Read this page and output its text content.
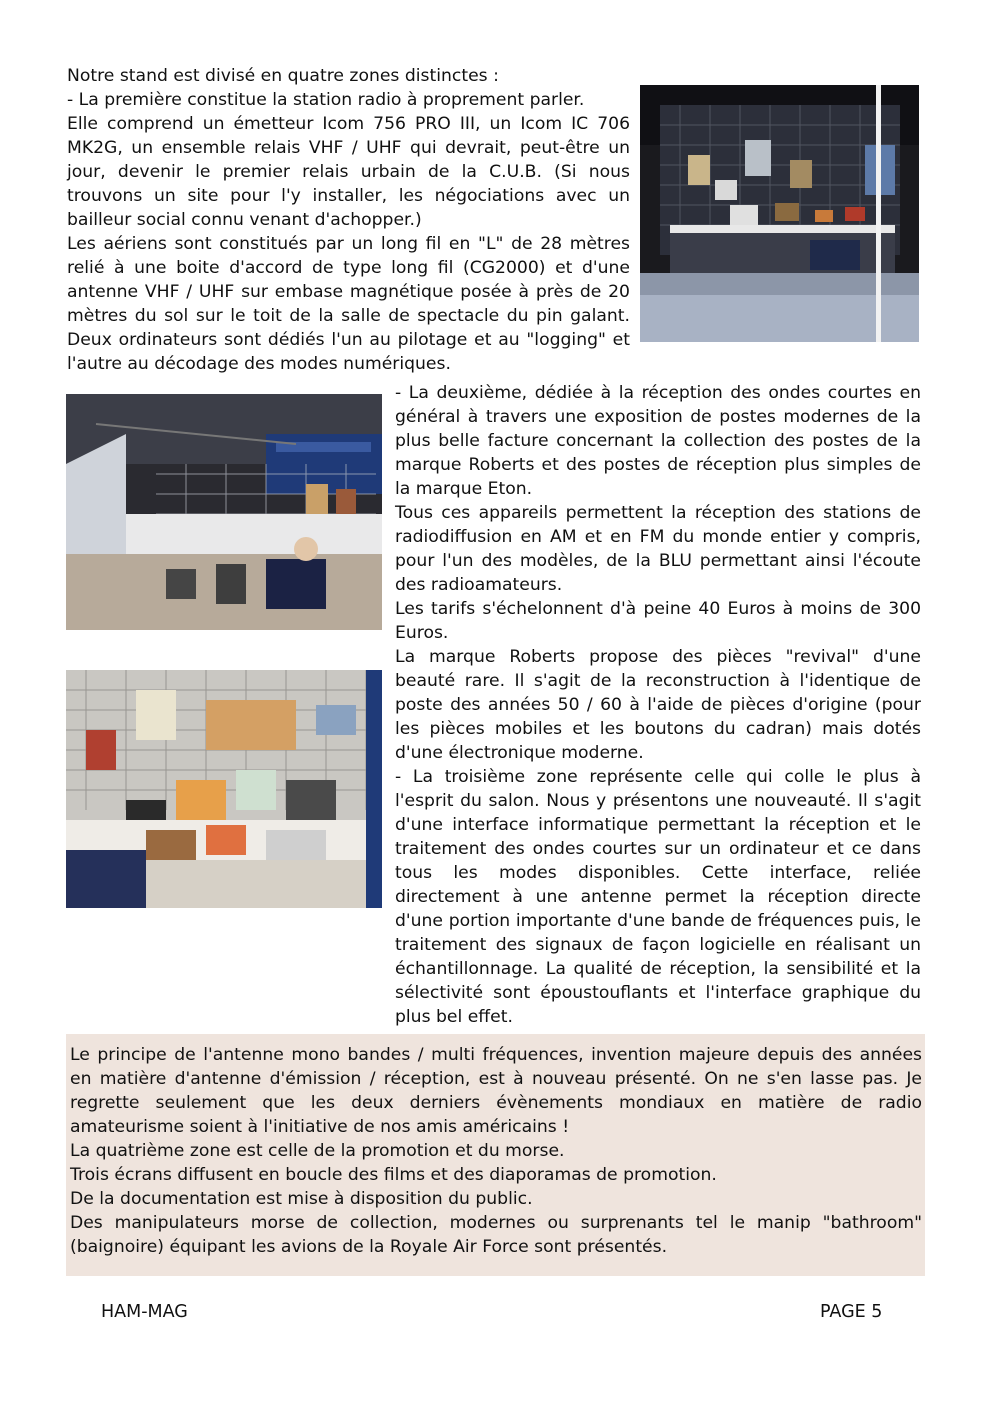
Notre stand est divisé en quatre zones distinctes :

- La première constitue la station radio à proprement parler.

Elle comprend un émetteur Icom 756 PRO III, un Icom IC 706 MK2G, un ensemble relais VHF / UHF qui devrait, peut-être un jour, devenir le premier relais urbain de la C.U.B. (Si nous trouvons un site pour l'y installer, les négociations avec un bailleur social connu venant d'achopper.)

Les aériens sont constitués par un long fil en "L" de 28 mètres relié à une boite d'accord de type long fil (CG2000) et d'une antenne VHF / UHF sur embase magnétique posée à près de 20 mètres du sol sur le toit de la salle de spectacle du pin galant. Deux ordinateurs sont dédiés l'un au pilotage et au "logging" et l'autre au décodage des modes numériques.

- La deuxième, dédiée à la réception des ondes courtes en général à travers une exposition de postes modernes de la plus belle facture concernant la collection des postes de la marque Roberts et des postes de réception plus simples de la marque Eton.

Tous ces appareils permettent la réception des stations de radiodiffusion en AM et en FM du monde entier y compris, pour l'un des modèles, de la BLU permettant ainsi l'écoute des radioamateurs.

Les tarifs s'échelonnent d'à peine 40 Euros à moins de 300 Euros.

La marque Roberts propose des pièces "revival" d'une beauté rare. Il s'agit de la reconstruction à l'identique de poste des années 50 / 60 à l'aide de pièces d'origine (pour les pièces mobiles et les boutons du cadran) mais dotés d'une électronique moderne.

- La troisième zone représente celle qui colle le plus à l'esprit du salon. Nous y présentons une nouveauté. Il s'agit d'une interface informatique permettant la réception et le traitement des ondes courtes sur un ordinateur et ce dans tous les modes disponibles. Cette interface, reliée directement à une antenne permet la réception directe d'une portion importante d'une bande de fréquences puis, le traitement des signaux de façon logicielle en réalisant un échantillonnage. La qualité de réception, la sensibilité et la sélectivité sont époustouflants et l'interface graphique du plus bel effet.

Le principe de l'antenne mono bandes / multi fréquences, invention majeure depuis des années en matière d'antenne d'émission / réception, est à nouveau présenté. On ne s'en lasse pas. Je regrette seulement que les deux derniers évènements mondiaux en matière de radio amateurisme soient à l'initiative de nos amis américains !

La quatrième zone est celle de la promotion et du morse.

Trois écrans diffusent en boucle des films et des diaporamas de promotion.

De la documentation est mise à disposition du public.

Des manipulateurs morse de collection, modernes ou surprenants tel le manip "bathroom" (baignoire) équipant les avions de la Royale Air Force sont présentés.

HAM-MAG	PAGE 5
